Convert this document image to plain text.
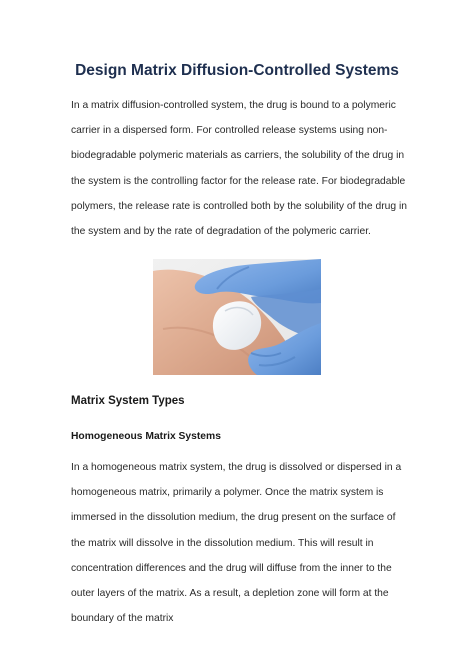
Design Matrix Diffusion-Controlled Systems

In a matrix diffusion-controlled system, the drug is bound to a polymeric carrier in a dispersed form. For controlled release systems using non-biodegradable polymeric materials as carriers, the solubility of the drug in the system is the controlling factor for the release rate. For biodegradable polymers, the release rate is controlled both by the solubility of the drug in the system and by the rate of degradation of the polymeric carrier.

Matrix System Types
Homogeneous Matrix Systems

In a homogeneous matrix system, the drug is dissolved or dispersed in a homogeneous matrix, primarily a polymer. Once the matrix system is immersed in the dissolution medium, the drug present on the surface of the matrix will dissolve in the dissolution medium. This will result in concentration differences and the drug will diffuse from the inner to the outer layers of the matrix. As a result, a depletion zone will form at the boundary of the matrix
